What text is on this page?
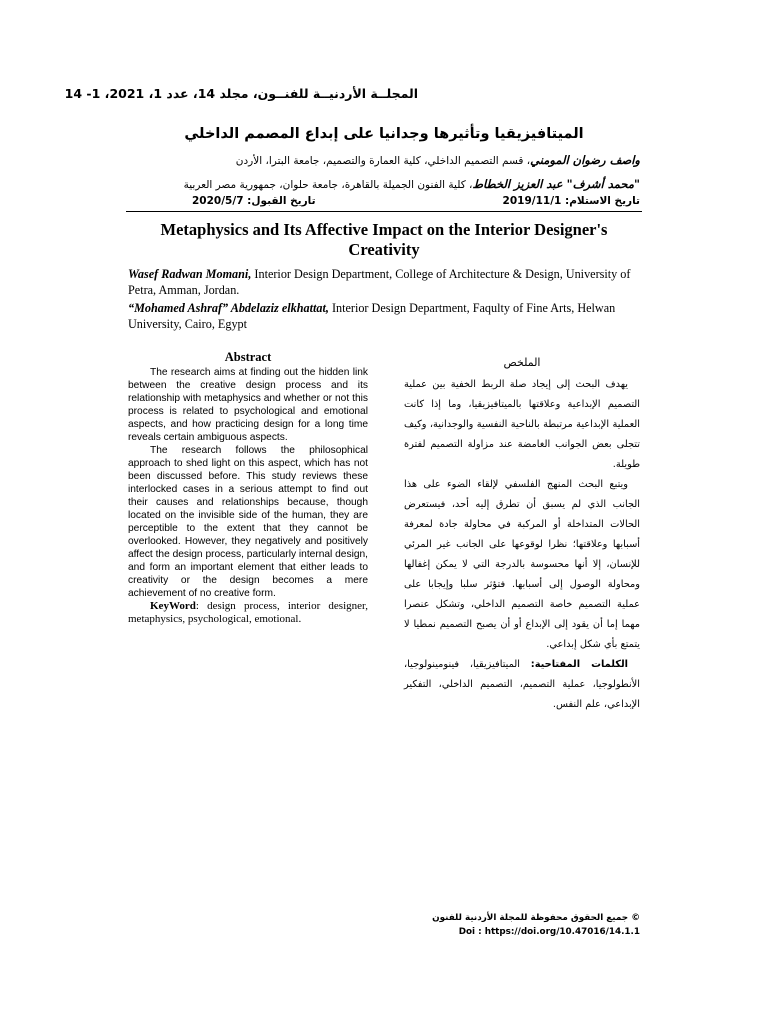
المجلــة الأردنيــة للفنــون، مجلد 14، عدد 1، 2021، 1- 14
الميتافيزيقيا وتأثيرها وجدانيا على إبداع المصمم الداخلي
واصف رضوان المومني، قسم التصميم الداخلي، كلية العمارة والتصميم، جامعة البترا، الأردن
"محمد أشرف" عبد العزيز الخطاط، كلية الفنون الجميلة بالقاهرة، جامعة حلوان، جمهورية مصر العربية
تاريخ الاستلام: 2019/11/1
تاريخ القبول: 2020/5/7
Metaphysics and Its Affective Impact on the Interior Designer's Creativity
Wasef Radwan Momani, Interior Design Department, College of Architecture & Design, University of Petra, Amman, Jordan.
“Mohamed Ashraf” Abdelaziz elkhattat, Interior Design Department, Faqulty of Fine Arts, Helwan University, Cairo, Egypt
Abstract

The research aims at finding out the hidden link between the creative design process and its relationship with metaphysics and whether or not this process is related to psychological and emotional aspects, and how practicing design for a long time reveals certain ambiguous aspects.

The research follows the philosophical approach to shed light on this aspect, which has not been discussed before. This study reviews these interlocked cases in a serious attempt to find out their causes and relationships because, though located on the invisible side of the human, they are perceptible to the extent that they cannot be overlooked. However, they negatively and positively affect the design process, particularly internal design, and form an important element that either leads to creativity or the design becomes a mere achievement of no creative form.

KeyWord: design process, interior designer, metaphysics, psychological, emotional.

الملخص

يهدف البحث إلى إيجاد صلة الربط الخفية بين عملية التصميم الإبداعية وعلاقتها بالميتافيزيقيا، وما إذا كانت العملية الإبداعية مرتبطة بالناحية النفسية والوجدانية، وكيف تتجلى بعض الجوانب الغامضة عند مزاولة التصميم لفترة طويلة.

ويتبع البحث المنهج الفلسفي لإلقاء الضوء على هذا الجانب الذي لم يسبق أن تطرق إليه أحد، فيستعرض الحالات المتداخلة أو المركبة في محاولة جادة لمعرفة أسبابها وعلاقتها؛ نظرا لوقوعها على الجانب غير المرئي للإنسان، إلا أنها محسوسة بالدرجة التي لا يمكن إغفالها ومحاولة الوصول إلى أسبابها. فتؤثر سلبا وإيجابا على عملية التصميم خاصة التصميم الداخلي، وتشكل عنصرا مهما إما أن يقود إلى الإبداع أو أن يصبح التصميم نمطيا لا يتمتع بأي شكل إبداعي.

الكلمات المفتاحية: الميتافيزيقيا، فينومينولوجيا، الأنطولوجيا، عملية التصميم، التصميم الداخلي، التفكير الإبداعي، علم النفس.

© جميع الحقوق محفوظة للمجلة الأردنية للفنون
Doi : https://doi.org/10.47016/14.1.1
